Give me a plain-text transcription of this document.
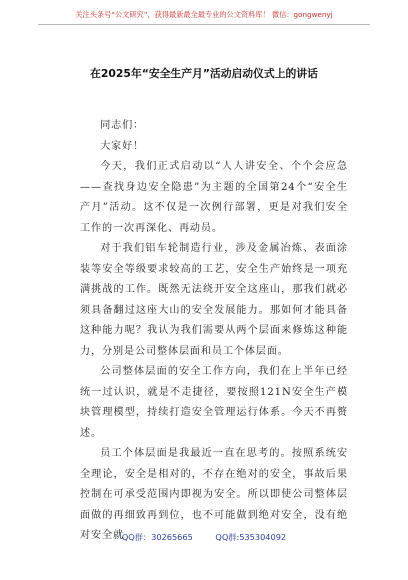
关注头条号“公文研究”，获得最新最全最专业的公文资料库！ 微信：gongwenyj
在2025年“安全生产月”活动启动仪式上的讲话

同志们：

大家好！

今天，我们正式启动以“人人讲安全、个个会应急——查找身边安全隐患”为主题的全国第24个“安全生产月”活动。这不仅是一次例行部署，更是对我们安全工作的一次再深化、再动员。

对于我们铝车轮制造行业，涉及金属冶炼、表面涂装等安全等级要求较高的工艺，安全生产始终是一项充满挑战的工作。既然无法绕开安全这座山，那我们就必须具备翻过这座大山的安全发展能力。那如何才能具备这种能力呢？我认为我们需要从两个层面来修炼这种能力，分别是公司整体层面和员工个体层面。

公司整体层面的安全工作方向，我们在上半年已经统一过认识，就是不走捷径，要按照121N安全生产模块管理模型，持续打造安全管理运行体系。今天不再赘述。

员工个体层面是我最近一直在思考的。按照系统安全理论，安全是相对的，不存在绝对的安全，事故后果控制在可承受范围内即视为安全。所以即使公司整体层面做的再细致再到位，也不可能做到绝对安全，没有绝对安全就

QQ群：30265665	QQ群:535304092
